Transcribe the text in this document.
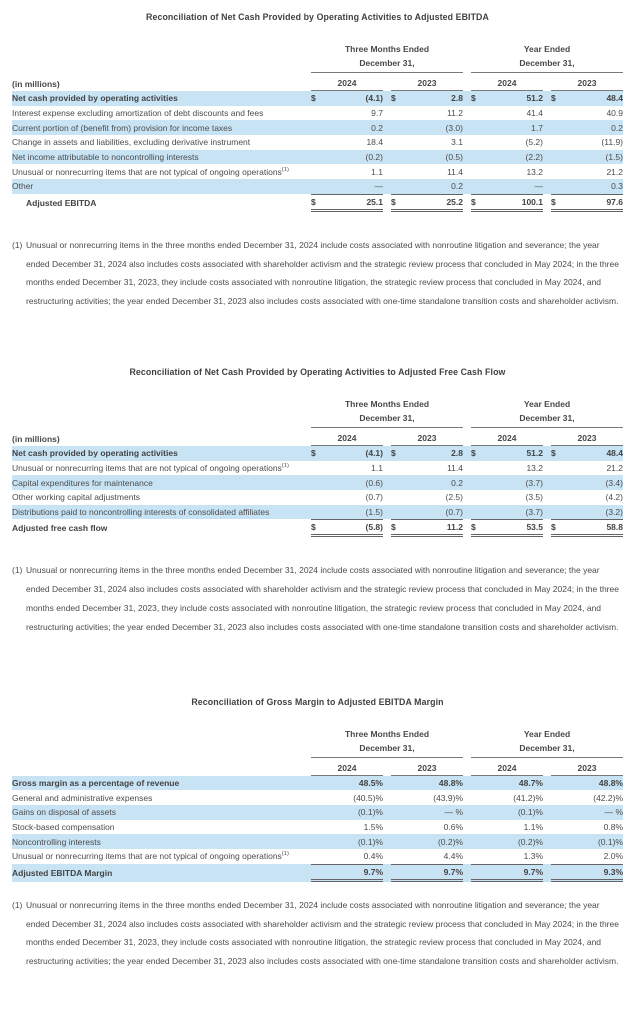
Reconciliation of Net Cash Provided by Operating Activities to Adjusted EBITDA
Three Months Ended	Year Ended
December 31,	December 31,
(in millions)	2024	2023	2024	2023
Net cash provided by operating activities	$	(4.1) $	2.8 $	51.2 $	48.4
Interest expense excluding amortization of debt discounts and fees	9.7	11.2	41.4	40.9
Current portion of (benefit from) provision for income taxes	0.2	(3.0)	1.7	0.2
Change in assets and liabilities, excluding derivative instrument	18.4	3.1	(5.2)	(11.9)
Net income attributable to noncontrolling interests	(0.2)	(0.5)	(2.2)	(1.5)
Unusual or nonrecurring items that are not typical of ongoing operations$^{(1)}$	1.1	11.4	13.2	21.2
Other	—	0.2	—	0.3
Adjusted EBITDA	$	25.1 $	25.2 $	100.1 $	97.6

(1) Unusual or nonrecurring items in the three months ended December 31, 2024 include costs associated with nonroutine litigation and severance; the year ended December 31, 2024 also includes costs associated with shareholder activism and the strategic review process that concluded in May 2024; in the three months ended December 31, 2023, they include costs associated with nonroutine litigation, the strategic review process that concluded in May 2024, and restructuring activities; the year ended December 31, 2023 also includes costs associated with one-time standalone transition costs and shareholder activism.

Reconciliation of Net Cash Provided by Operating Activities to Adjusted Free Cash Flow
Three Months Ended	Year Ended
December 31,	December 31,
(in millions)	2024	2023	2024	2023
Net cash provided by operating activities	$	(4.1) $	2.8 $	51.2 $	48.4
Unusual or nonrecurring items that are not typical of ongoing operations$^{(1)}$	1.1	11.4	13.2	21.2
Capital expenditures for maintenance	(0.6)	0.2	(3.7)	(3.4)
Other working capital adjustments	(0.7)	(2.5)	(3.5)	(4.2)
Distributions paid to noncontrolling interests of consolidated affiliates	(1.5)	(0.7)	(3.7)	(3.2)
Adjusted free cash flow	$	(5.8) $	11.2 $	53.5 $	58.8

(1) Unusual or nonrecurring items in the three months ended December 31, 2024 include costs associated with nonroutine litigation and severance; the year ended December 31, 2024 also includes costs associated with shareholder activism and the strategic review process that concluded in May 2024; in the three months ended December 31, 2023, they include costs associated with nonroutine litigation, the strategic review process that concluded in May 2024, and restructuring activities; the year ended December 31, 2023 also includes costs associated with one-time standalone transition costs and shareholder activism.

Reconciliation of Gross Margin to Adjusted EBITDA Margin
Three Months Ended	Year Ended
December 31,	December 31,
2024	2023	2024	2023
Gross margin as a percentage of revenue	48.5%	48.8%	48.7%	48.8%
General and administrative expenses	(40.5)%	(43.9)%	(41.2)%	(42.2)%
Gains on disposal of assets	(0.1)%	— %	(0.1)%	— %
Stock-based compensation	1.5%	0.6%	1.1%	0.8%
Noncontrolling interests	(0.1)%	(0.2)%	(0.2)%	(0.1)%
Unusual or nonrecurring items that are not typical of ongoing operations$^{(1)}$	0.4%	4.4%	1.3%	2.0%
Adjusted EBITDA Margin	9.7%	9.7%	9.7%	9.3%

(1) Unusual or nonrecurring items in the three months ended December 31, 2024 include costs associated with nonroutine litigation and severance; the year ended December 31, 2024 also includes costs associated with shareholder activism and the strategic review process that concluded in May 2024; in the three months ended December 31, 2023, they include costs associated with nonroutine litigation, the strategic review process that concluded in May 2024, and restructuring activities; the year ended December 31, 2023 also includes costs associated with one-time standalone transition costs and shareholder activism.
